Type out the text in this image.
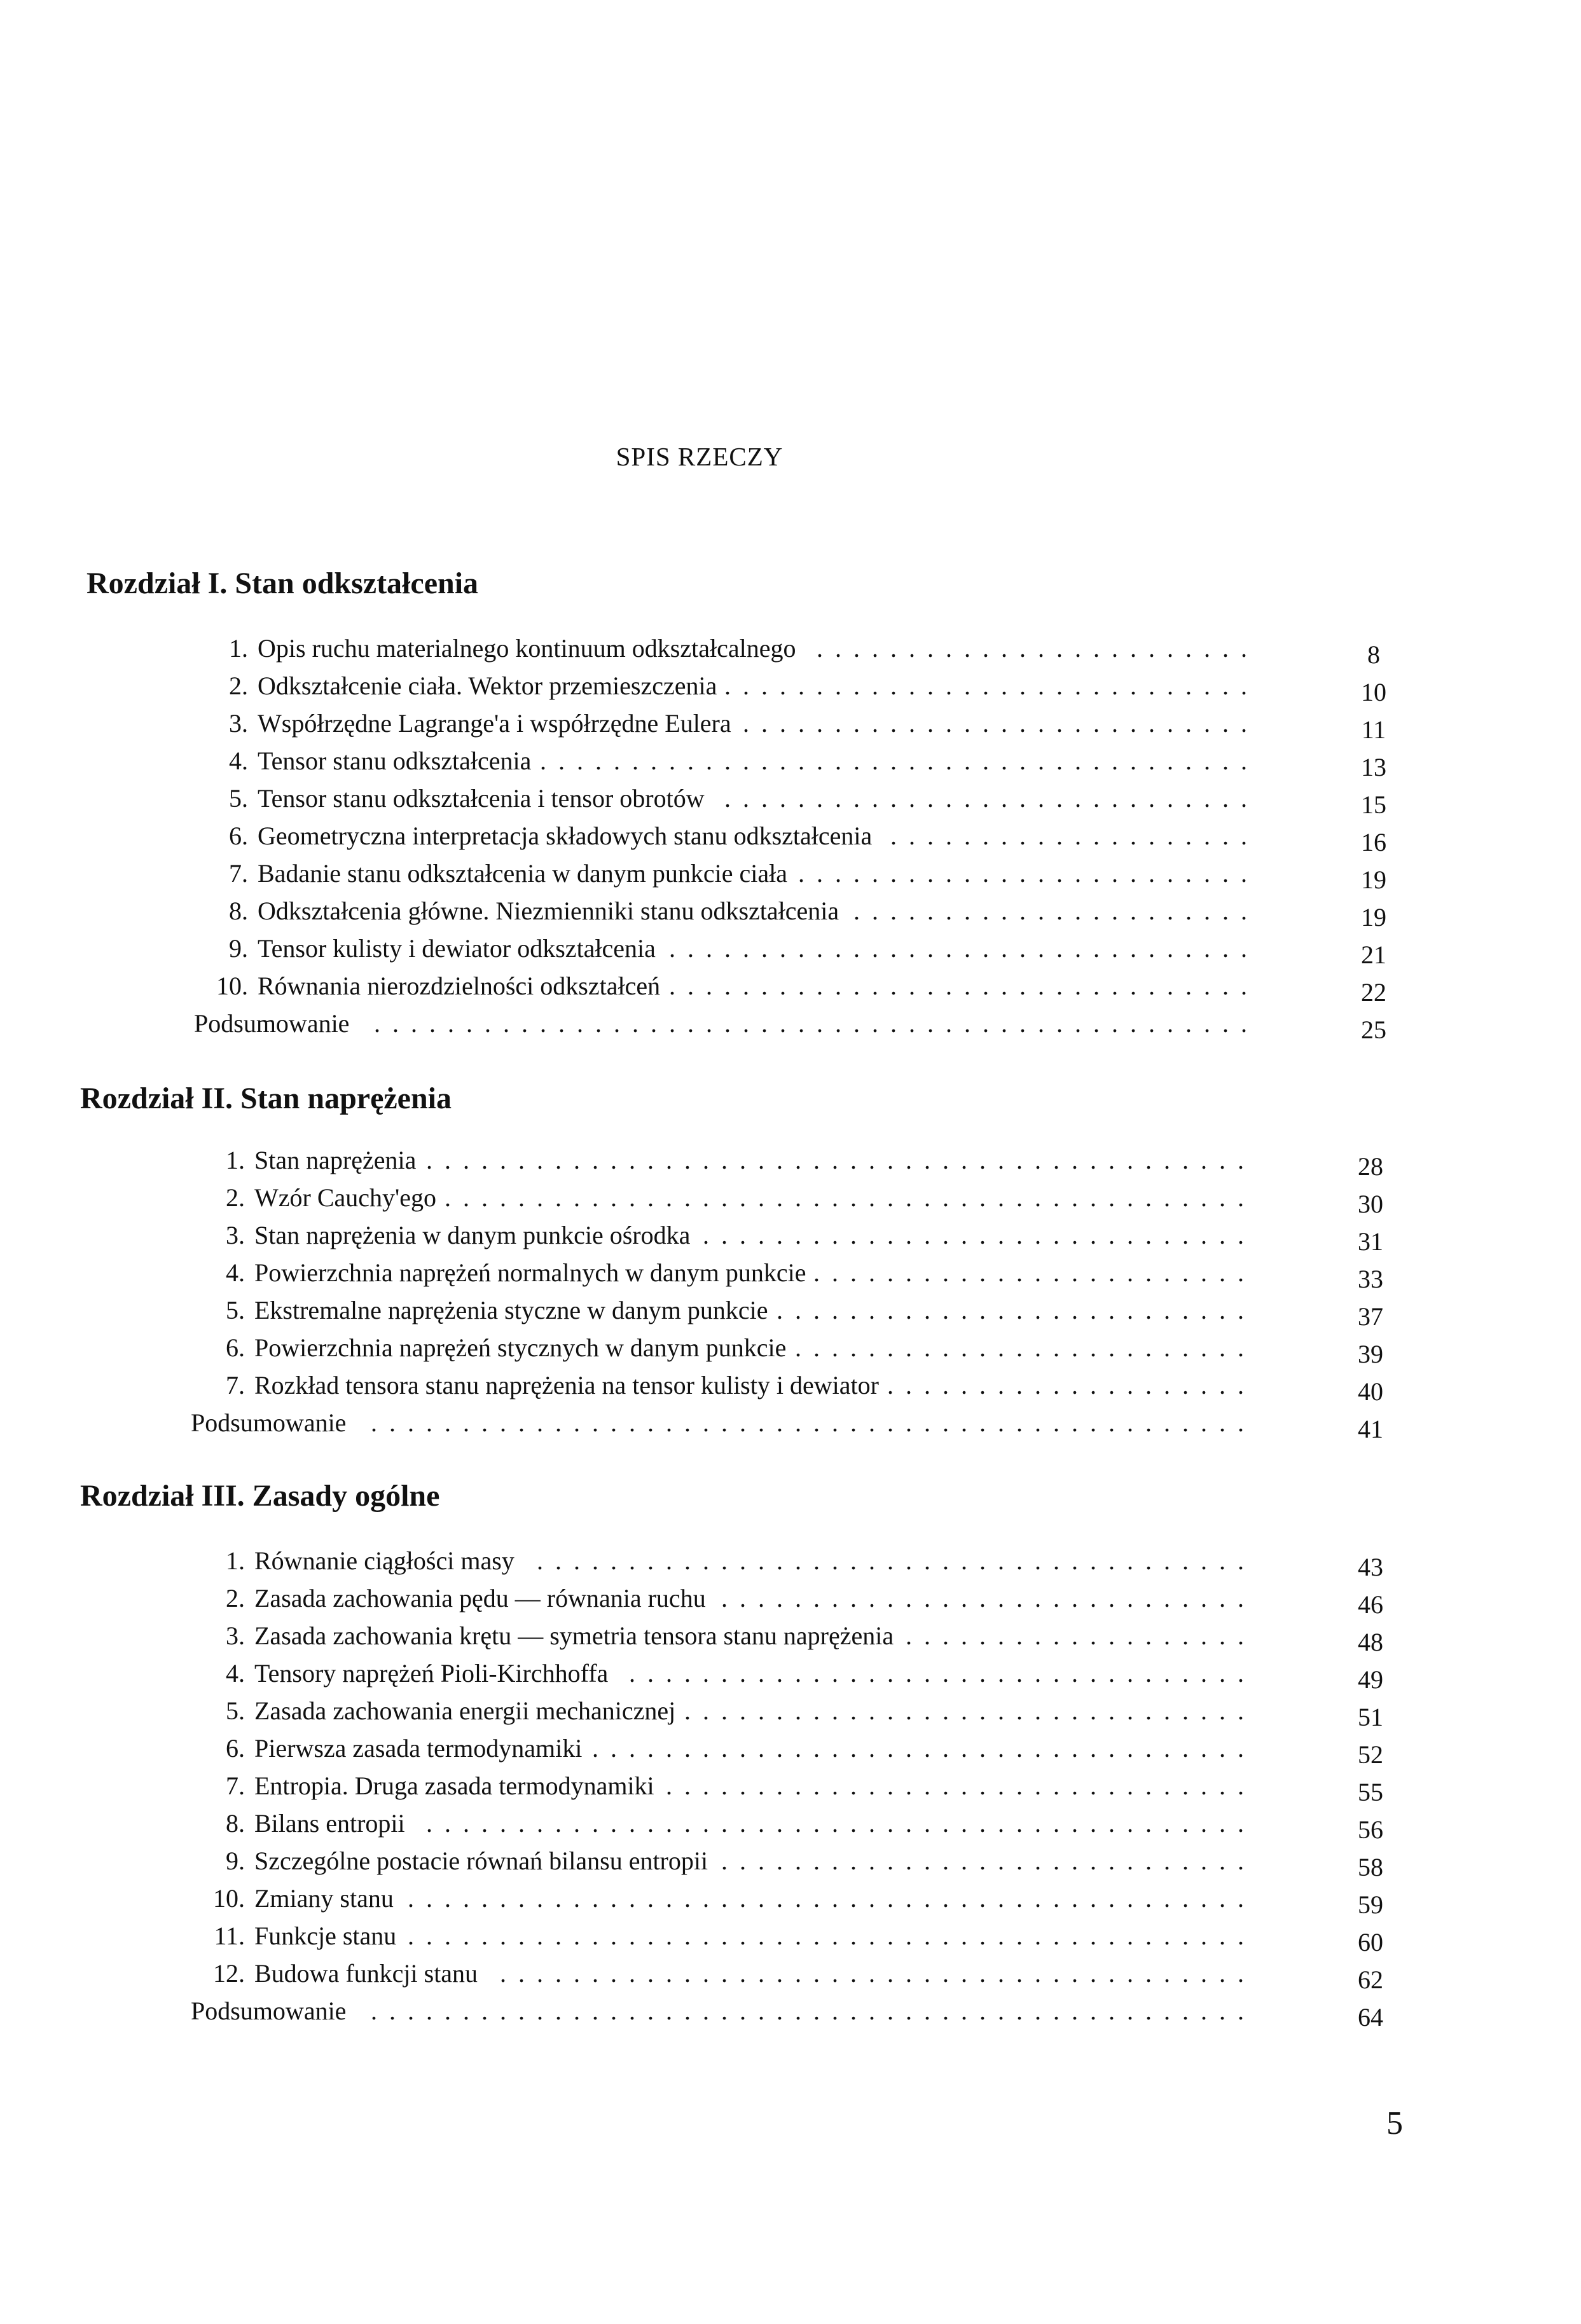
SPIS RZECZY
Rozdział I. Stan odkształcenia
1. Opis ruchu materialnego kontinuum odkształcalnego ........................	8
2. Odkształcenie ciała. Wektor przemieszczenia .............................	10
3. Współrzędne Lagrange'a i współrzędne Eulera ............................	11
4. Tensor stanu odkształcenia .......................................	13
5. Tensor stanu odkształcenia i tensor obrotów .............................	15
6. Geometryczna interpretacja składowych stanu odkształcenia ....................	16
7. Badanie stanu odkształcenia w danym punkcie ciała .........................	19
8. Odkształcenia główne. Niezmienniki stanu odkształcenia ......................	19
9. Tensor kulisty i dewiator odkształcenia ................................	21
10. Równania nierozdzielności odkształceń ................................	22
Podsumowanie ................................................	25
Rozdział II. Stan naprężenia
1. Stan naprężenia .............................................	28
2. Wzór Cauchy'ego ............................................	30
3. Stan naprężenia w danym punkcie ośrodka ..............................	31
4. Powierzchnia naprężeń normalnych w danym punkcie ........................	33
5. Ekstremalne naprężenia styczne w danym punkcie ..........................	37
6. Powierzchnia naprężeń stycznych w danym punkcie .........................	39
7. Rozkład tensora stanu naprężenia na tensor kulisty i dewiator ....................	40
Podsumowanie ................................................	41
Rozdział III. Zasady ogólne
1. Równanie ciągłości masy .......................................	43
2. Zasada zachowania pędu — równania ruchu .............................	46
3. Zasada zachowania krętu — symetria tensora stanu naprężenia ...................	48
4. Tensory naprężeń Pioli-Kirchhoffa ..................................	49
5. Zasada zachowania energii mechanicznej ...............................	51
6. Pierwsza zasada termodynamiki ....................................	52
7. Entropia. Druga zasada termodynamiki ................................	55
8. Bilans entropii .............................................	56
9. Szczególne postacie równań bilansu entropii .............................	58
10. Zmiany stanu ..............................................	59
11. Funkcje stanu ..............................................	60
12. Budowa funkcji stanu .........................................	62
Podsumowanie ................................................	64
5
